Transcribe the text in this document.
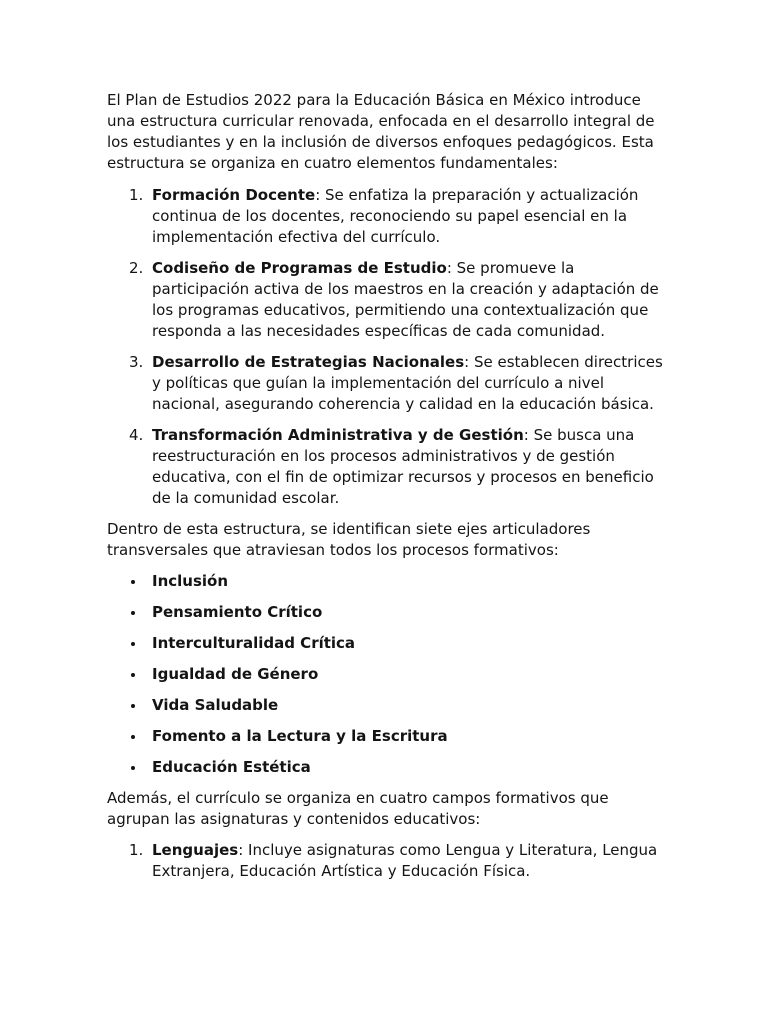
El Plan de Estudios 2022 para la Educación Básica en México introduce una estructura curricular renovada, enfocada en el desarrollo integral de los estudiantes y en la inclusión de diversos enfoques pedagógicos. Esta estructura se organiza en cuatro elementos fundamentales:

1. Formación Docente: Se enfatiza la preparación y actualización continua de los docentes, reconociendo su papel esencial en la implementación efectiva del currículo.
2. Codiseño de Programas de Estudio: Se promueve la participación activa de los maestros en la creación y adaptación de los programas educativos, permitiendo una contextualización que responda a las necesidades específicas de cada comunidad.
3. Desarrollo de Estrategias Nacionales: Se establecen directrices y políticas que guían la implementación del currículo a nivel nacional, asegurando coherencia y calidad en la educación básica.
4. Transformación Administrativa y de Gestión: Se busca una reestructuración en los procesos administrativos y de gestión educativa, con el fin de optimizar recursos y procesos en beneficio de la comunidad escolar.

Dentro de esta estructura, se identifican siete ejes articuladores transversales que atraviesan todos los procesos formativos:

Inclusión
Pensamiento Crítico
Interculturalidad Crítica
Igualdad de Género
Vida Saludable
Fomento a la Lectura y la Escritura
Educación Estética

Además, el currículo se organiza en cuatro campos formativos que agrupan las asignaturas y contenidos educativos:

1. Lenguajes: Incluye asignaturas como Lengua y Literatura, Lengua Extranjera, Educación Artística y Educación Física.
